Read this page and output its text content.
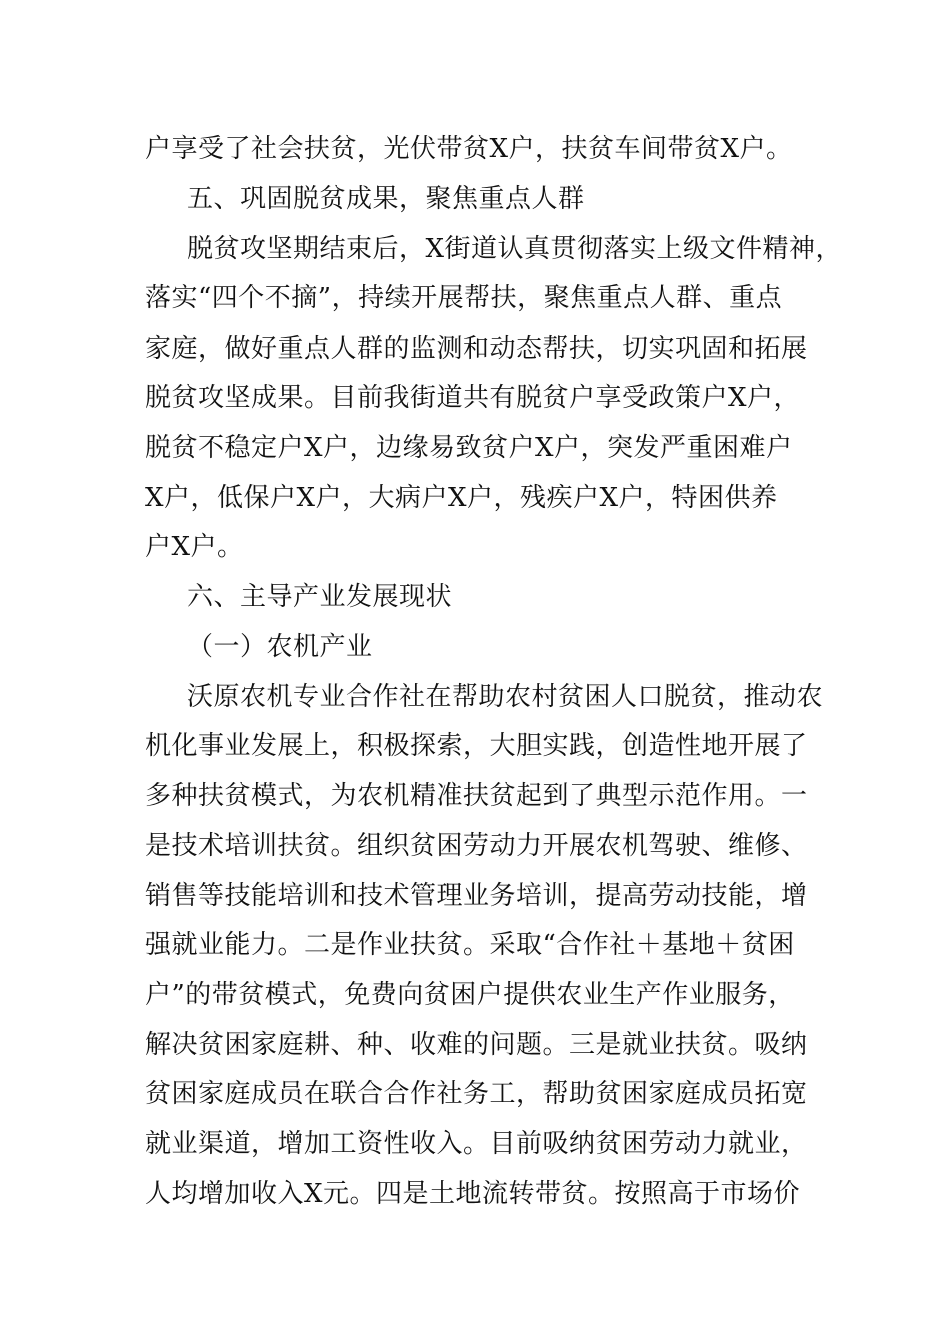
户享受了社会扶贫，光伏带贫X户，扶贫车间带贫X户。
五、巩固脱贫成果，聚焦重点人群
脱贫攻坚期结束后，X街道认真贯彻落实上级文件精神，
落实“四个不摘”，持续开展帮扶，聚焦重点人群、重点
家庭，做好重点人群的监测和动态帮扶，切实巩固和拓展
脱贫攻坚成果。目前我街道共有脱贫户享受政策户X户，
脱贫不稳定户X户，边缘易致贫户X户，突发严重困难户
X户，低保户X户，大病户X户，残疾户X户，特困供养
户X户。
六、主导产业发展现状
（一）农机产业
沃原农机专业合作社在帮助农村贫困人口脱贫，推动农
机化事业发展上，积极探索，大胆实践，创造性地开展了
多种扶贫模式，为农机精准扶贫起到了典型示范作用。一
是技术培训扶贫。组织贫困劳动力开展农机驾驶、维修、
销售等技能培训和技术管理业务培训，提高劳动技能，增
强就业能力。二是作业扶贫。采取“合作社＋基地＋贫困
户”的带贫模式，免费向贫困户提供农业生产作业服务，
解决贫困家庭耕、种、收难的问题。三是就业扶贫。吸纳
贫困家庭成员在联合合作社务工，帮助贫困家庭成员拓宽
就业渠道，增加工资性收入。目前吸纳贫困劳动力就业，
人均增加收入X元。四是土地流转带贫。按照高于市场价
